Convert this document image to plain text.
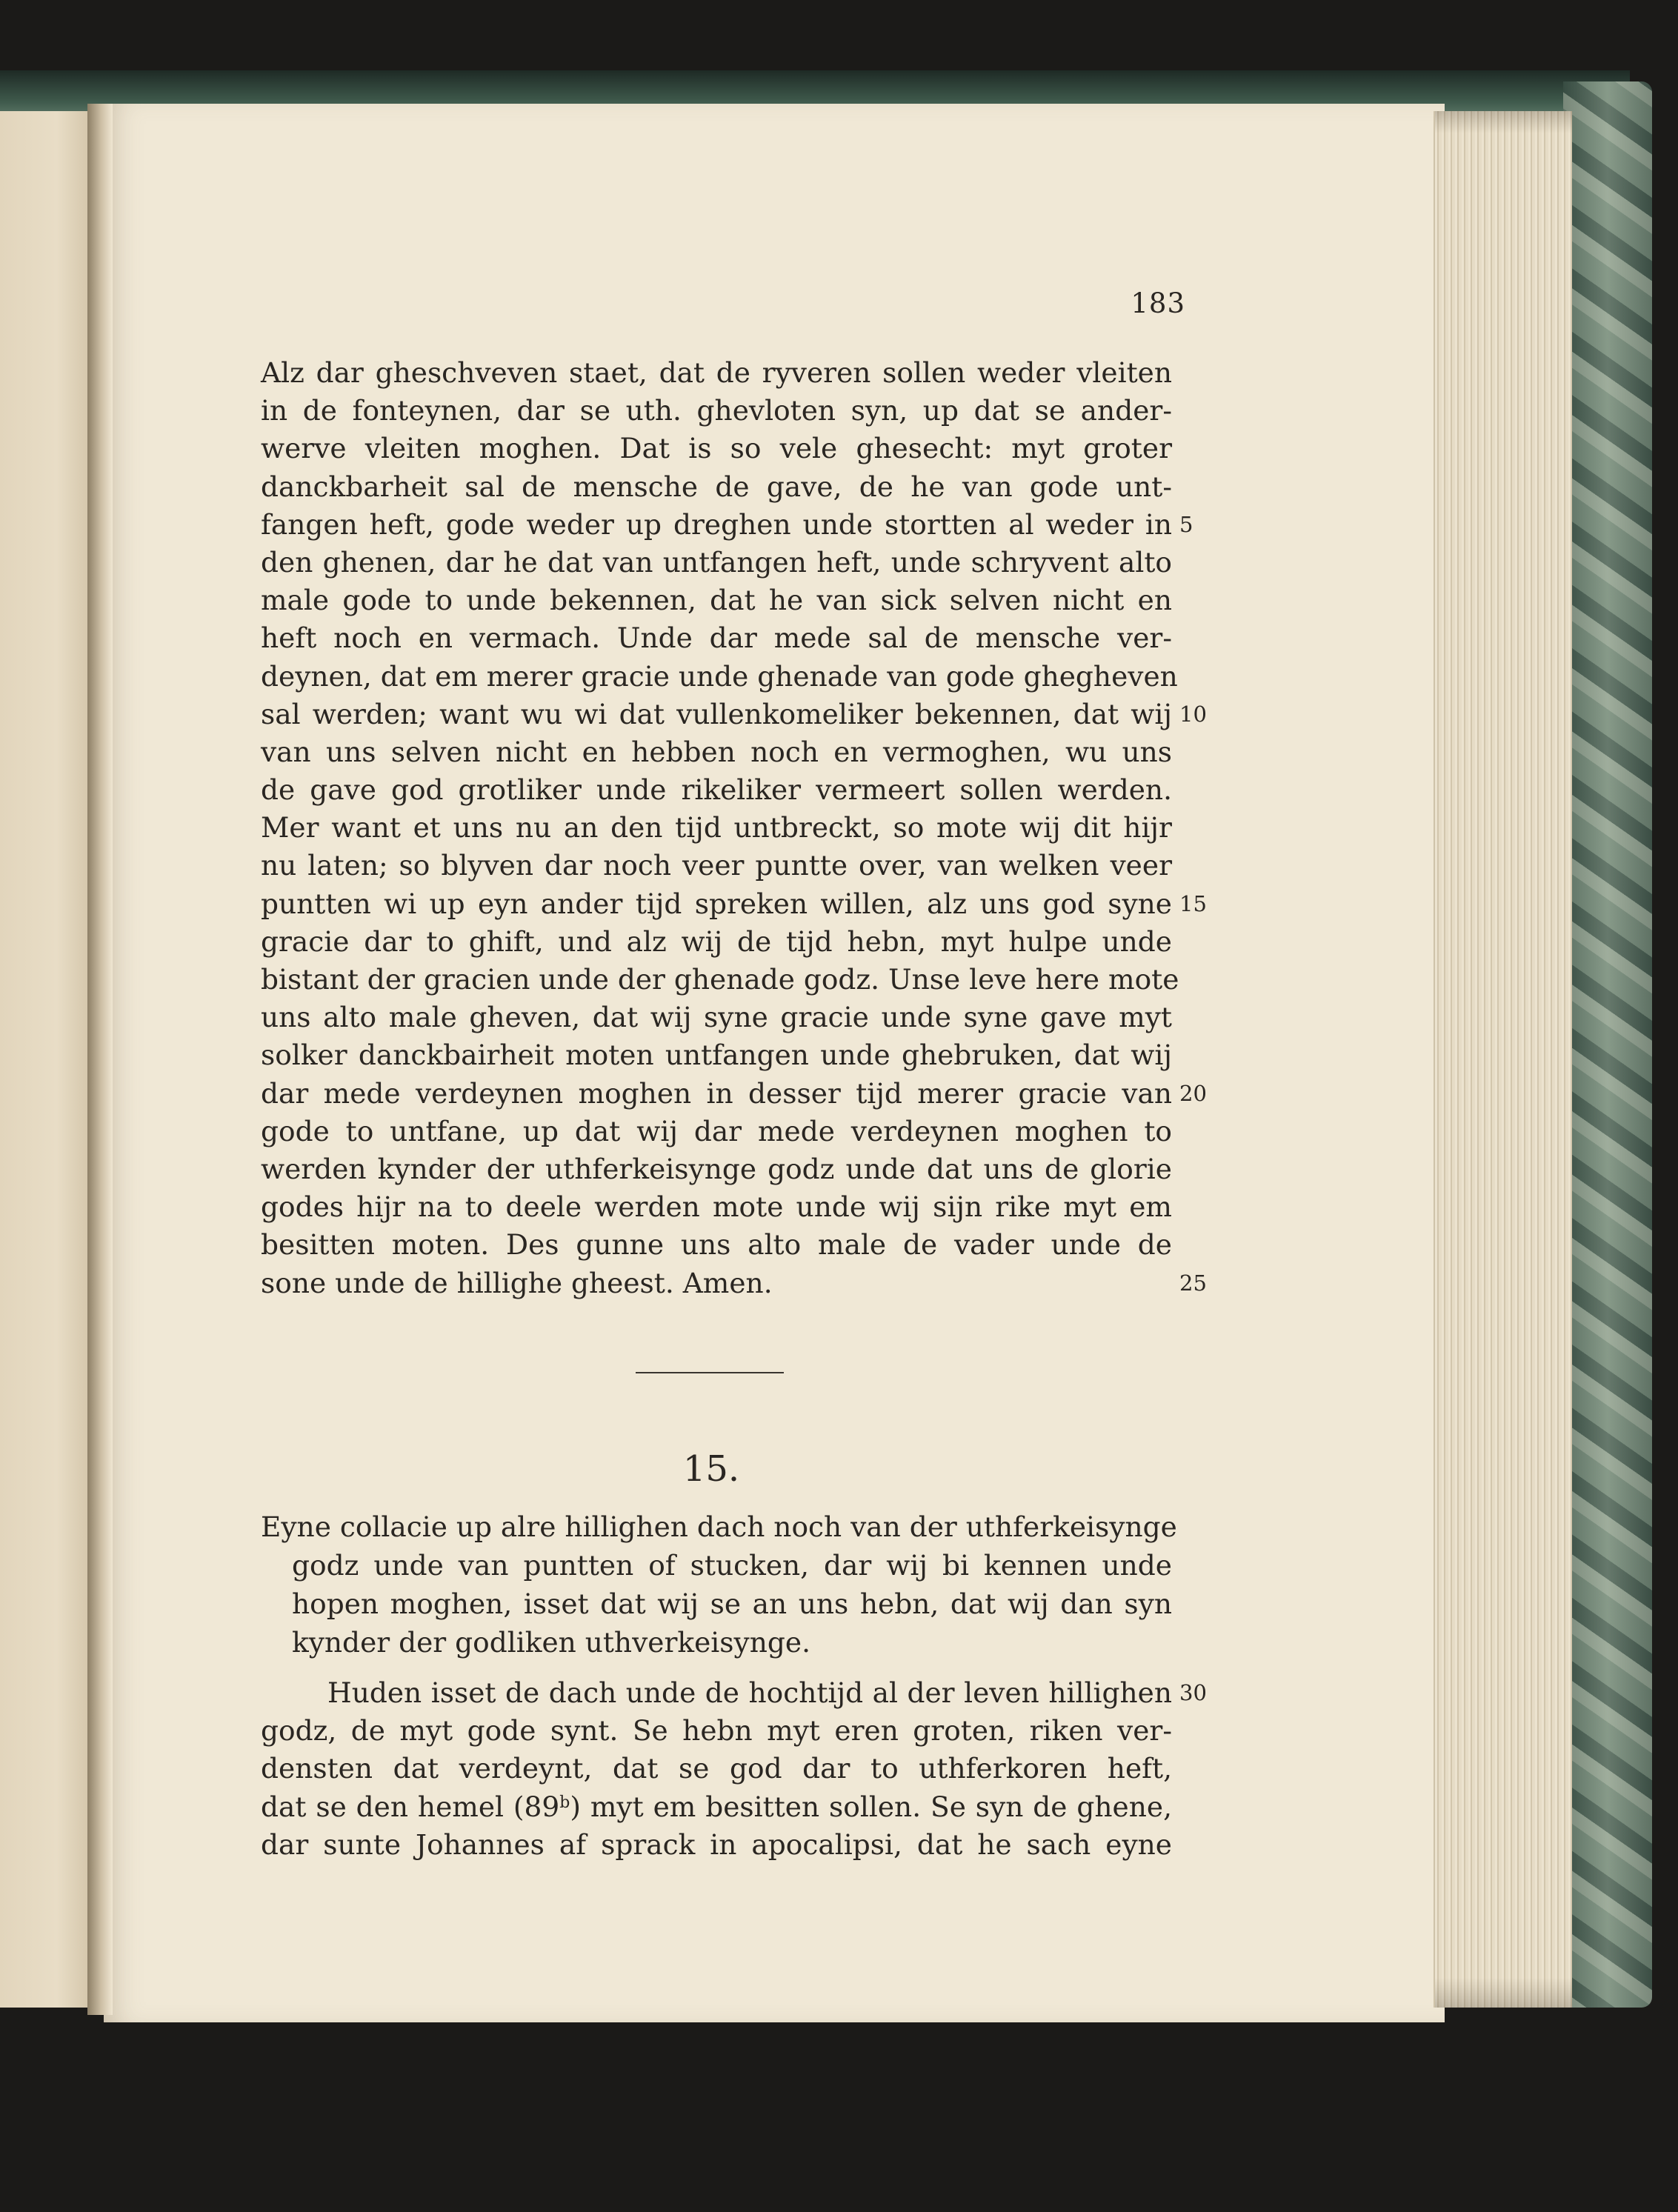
183
Alz dar gheschveven staet, dat de ryveren sollen weder vleiten
in de fonteynen, dar se uth. ghevloten syn, up dat se ander-
werve vleiten moghen. Dat is so vele ghesecht: myt groter
danckbarheit sal de mensche de gave, de he van gode unt-
fangen heft, gode weder up dreghen unde stortten al weder in 5
den ghenen, dar he dat van untfangen heft, unde schryvent alto
male gode to unde bekennen, dat he van sick selven nicht en
heft noch en vermach. Unde dar mede sal de mensche ver-
deynen, dat em merer gracie unde ghenade van gode ghegheven
sal werden; want wu wi dat vullenkomeliker bekennen, dat wij 10
van uns selven nicht en hebben noch en vermoghen, wu uns
de gave god grotliker unde rikeliker vermeert sollen werden.
Mer want et uns nu an den tijd untbreckt, so mote wij dit hijr
nu laten; so blyven dar noch veer puntte over, van welken veer
puntten wi up eyn ander tijd spreken willen, alz uns god syne 15
gracie dar to ghift, und alz wij de tijd hebn, myt hulpe unde
bistant der gracien unde der ghenade godz. Unse leve here mote
uns alto male gheven, dat wij syne gracie unde syne gave myt
solker danckbairheit moten untfangen unde ghebruken, dat wij
dar mede verdeynen moghen in desser tijd merer gracie van 20
gode to untfane, up dat wij dar mede verdeynen moghen to
werden kynder der uthferkeisynge godz unde dat uns de glorie
godes hijr na to deele werden mote unde wij sijn rike myt em
besitten moten. Des gunne uns alto male de vader unde de
sone unde de hillighe gheest. Amen.	25
15.
Eyne collacie up alre hillighen dach noch van der uthferkeisynge
godz unde van puntten of stucken, dar wij bi kennen unde
hopen moghen, isset dat wij se an uns hebn, dat wij dan syn
kynder der godliken uthverkeisynge.
Huden isset de dach unde de hochtijd al der leven hillighen 30
godz, de myt gode synt. Se hebn myt eren groten, riken ver-
densten dat verdeynt, dat se god dar to uthferkoren heft,
dat se den hemel (89$^b$) myt em besitten sollen. Se syn de ghene,
dar sunte Johannes af sprack in apocalipsi, dat he sach eyne
